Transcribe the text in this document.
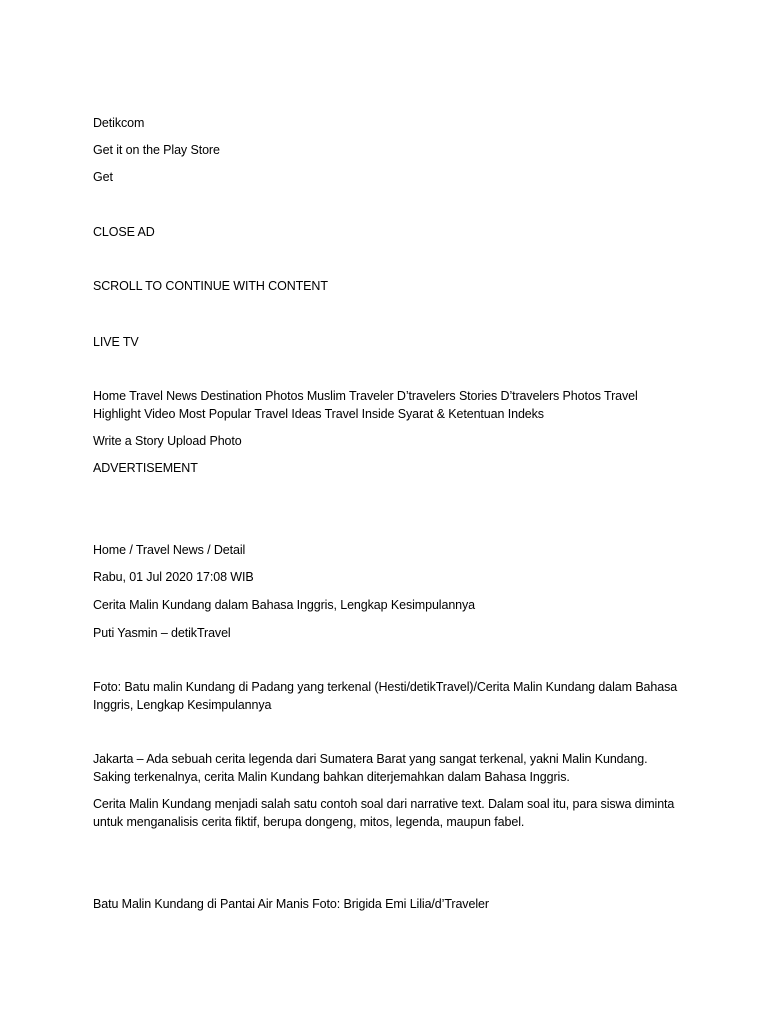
Detikcom
Get it on the Play Store
Get
CLOSE AD
SCROLL TO CONTINUE WITH CONTENT
LIVE TV
Home Travel News Destination Photos Muslim Traveler D’travelers Stories D’travelers Photos Travel Highlight Video Most Popular Travel Ideas Travel Inside Syarat & Ketentuan Indeks
Write a Story Upload Photo
ADVERTISEMENT
Home / Travel News / Detail
Rabu, 01 Jul 2020 17:08 WIB
Cerita Malin Kundang dalam Bahasa Inggris, Lengkap Kesimpulannya
Puti Yasmin – detikTravel
Foto: Batu malin Kundang di Padang yang terkenal (Hesti/detikTravel)/Cerita Malin Kundang dalam Bahasa Inggris, Lengkap Kesimpulannya
Jakarta – Ada sebuah cerita legenda dari Sumatera Barat yang sangat terkenal, yakni Malin Kundang. Saking terkenalnya, cerita Malin Kundang bahkan diterjemahkan dalam Bahasa Inggris.
Cerita Malin Kundang menjadi salah satu contoh soal dari narrative text. Dalam soal itu, para siswa diminta untuk menganalisis cerita fiktif, berupa dongeng, mitos, legenda, maupun fabel.
Batu Malin Kundang di Pantai Air Manis Foto: Brigida Emi Lilia/d’Traveler
